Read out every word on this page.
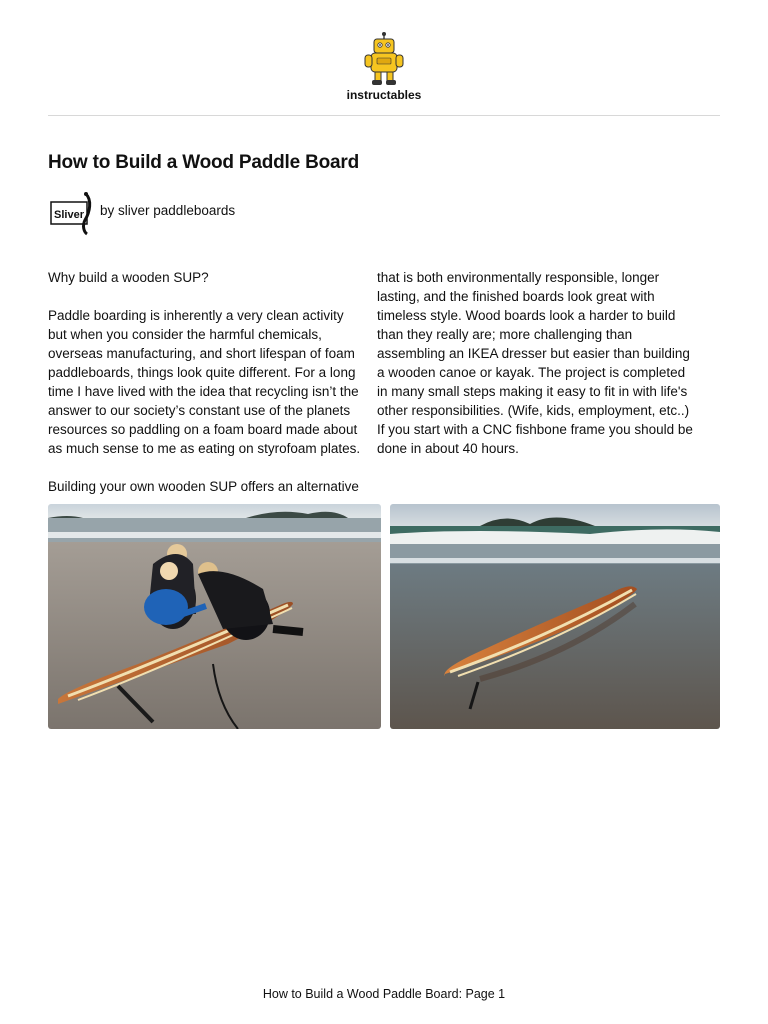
instructables
How to Build a Wood Paddle Board
Sliver by sliver paddleboards

Why build a wooden SUP?

Paddle boarding is inherently a very clean activity but when you consider the harmful chemicals, overseas manufacturing, and short lifespan of foam paddleboards, things look quite different. For a long time I have lived with the idea that recycling isn’t the answer to our society’s constant use of the planets resources so paddling on a foam board made about as much sense to me as eating on styrofoam plates.

Building your own wooden SUP offers an alternative

that is both environmentally responsible, longer lasting, and the finished boards look great with timeless style. Wood boards look a harder to build than they really are; more challenging than assembling an IKEA dresser but easier than building a wooden canoe or kayak. The project is completed in many small steps making it easy to fit in with life's other responsibilities. (Wife, kids, employment, etc..) If you start with a CNC fishbone frame you should be done in about 40 hours.

How to Build a Wood Paddle Board: Page 1
